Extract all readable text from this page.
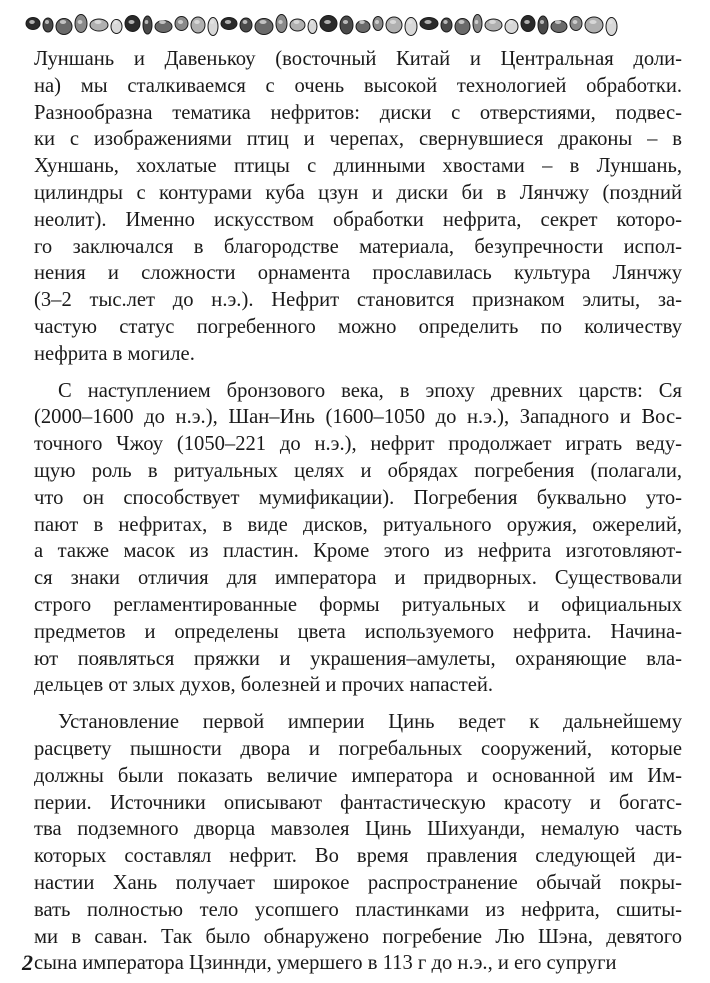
Луншань и Давенькоу (восточный Китай и Центральная доли-
на) мы сталкиваемся с очень высокой технологией обработки.
Разнообразна тематика нефритов: диски с отверстиями, подвес-
ки с изображениями птиц и черепах, свернувшиеся драконы – в
Хуншань, хохлатые птицы с длинными хвостами – в Луншань,
цилиндры с контурами куба цзун и диски би в Лянчжу (поздний
неолит). Именно искусством обработки нефрита, секрет которо-
го заключался в благородстве материала, безупречности испол-
нения и сложности орнамента прославилась культура Лянчжу
(3–2 тыс.лет до н.э.). Нефрит становится признаком элиты, за-
частую статус погребенного можно определить по количеству
нефрита в могиле.

С наступлением бронзового века, в эпоху древних царств: Ся
(2000–1600 до н.э.), Шан–Инь (1600–1050 до н.э.), Западного и Вос-
точного Чжоу (1050–221 до н.э.), нефрит продолжает играть веду-
щую роль в ритуальных целях и обрядах погребения (полагали,
что он способствует мумификации). Погребения буквально уто-
пают в нефритах, в виде дисков, ритуального оружия, ожерелий,
а также масок из пластин. Кроме этого из нефрита изготовляют-
ся знаки отличия для императора и придворных. Существовали
строго регламентированные формы ритуальных и официальных
предметов и определены цвета используемого нефрита. Начина-
ют появляться пряжки и украшения–амулеты, охраняющие вла-
дельцев от злых духов, болезней и прочих напастей.

Установление первой империи Цинь ведет к дальнейшему
расцвету пышности двора и погребальных сооружений, которые
должны были показать величие императора и основанной им Им-
перии. Источники описывают фантастическую красоту и богатс-
тва подземного дворца мавзолея Цинь Шихуанди, немалую часть
которых составлял нефрит. Во время правления следующей ди-
настии Хань получает широкое распространение обычай покры-
вать полностью тело усопшего пластинками из нефрита, сшиты-
ми в саван. Так было обнаружено погребение Лю Шэна, девятого
сына императора Цзиннди, умершего в 113 г до н.э., и его супруги

2
